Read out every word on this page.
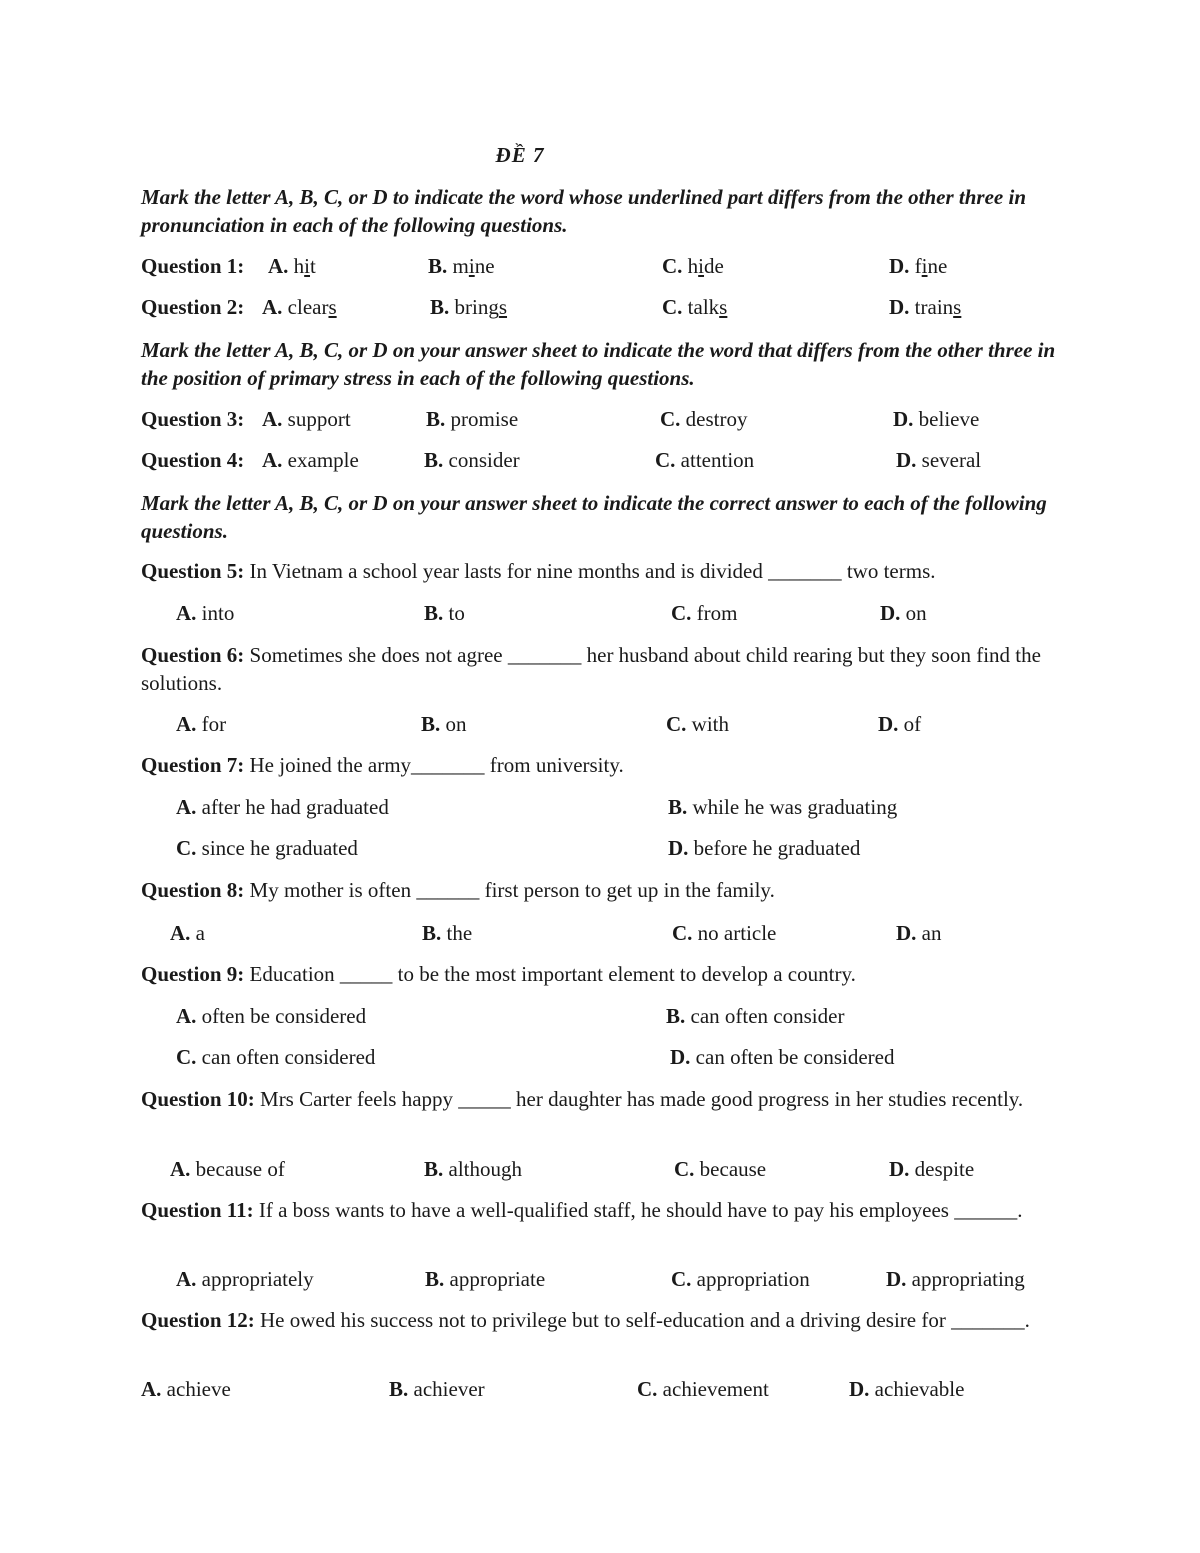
ĐỀ 7
Mark the letter A, B, C, or D to indicate the word whose underlined part differs from the other three in pronunciation in each of the following questions.
Question 1: A. hit	B. mine	C. hide	D. fine
Question 2: A. clears	B. brings	C. talks	D. trains
Mark the letter A, B, C, or D on your answer sheet to indicate the word that differs from the other three in the position of primary stress in each of the following questions.
Question 3: A. support	B. promise	C. destroy	D. believe
Question 4: A. example	B. consider	C. attention	D. several
Mark the letter A, B, C, or D on your answer sheet to indicate the correct answer to each of the following questions.
Question 5: In Vietnam a school year lasts for nine months and is divided _______ two terms.
A. into	B. to	C. from	D. on
Question 6: Sometimes she does not agree _______ her husband about child rearing but they soon find the solutions.
A. for	B. on	C. with	D. of
Question 7: He joined the army_______ from university.
A. after he had graduated	B. while he was graduating
C. since he graduated	D. before he graduated
Question 8: My mother is often ______ first person to get up in the family.
A. a	B. the	C. no article	D. an
Question 9: Education _____ to be the most important element to develop a country.
A. often be considered	B. can often consider
C. can often considered	D. can often be considered
Question 10: Mrs Carter feels happy _____ her daughter has made good progress in her studies recently.
A. because of	B. although	C. because	D. despite
Question 11: If a boss wants to have a well-qualified staff, he should have to pay his employees ______.
A. appropriately	B. appropriate	C. appropriation	D. appropriating
Question 12: He owed his success not to privilege but to self-education and a driving desire for _______.
A. achieve	B. achiever	C. achievement	D. achievable
